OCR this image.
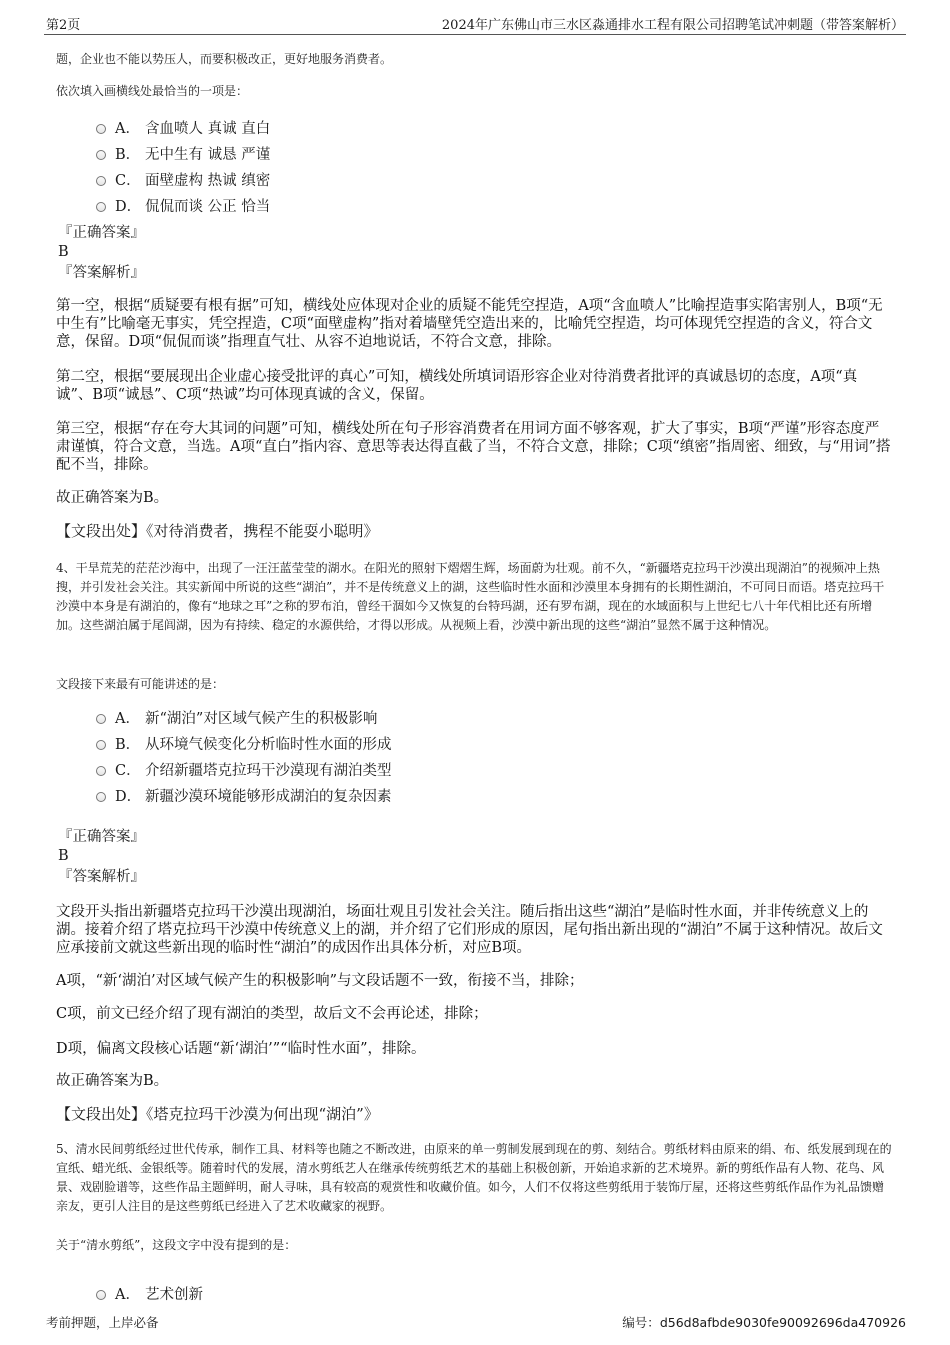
第2页	2024年广东佛山市三水区淼通排水工程有限公司招聘笔试冲刺题（带答案解析）

题，企业也不能以势压人，而要积极改正，更好地服务消费者。

依次填入画横线处最恰当的一项是：

A． 含血喷人 真诚 直白
B． 无中生有 诚恳 严谨
C． 面壁虚构 热诚 缜密
D． 侃侃而谈 公正 恰当

『正确答案』

B

『答案解析』

第一空，根据“质疑要有根有据”可知，横线处应体现对企业的质疑不能凭空捏造，A项“含血喷人”比喻捏造事实陷害别人，B项“无中生有”比喻毫无事实，凭空捏造，C项“面壁虚构”指对着墙壁凭空造出来的，比喻凭空捏造，均可体现凭空捏造的含义，符合文意，保留。D项“侃侃而谈”指理直气壮、从容不迫地说话，不符合文意，排除。

第二空，根据“要展现出企业虚心接受批评的真心”可知，横线处所填词语形容企业对待消费者批评的真诚恳切的态度，A项“真诚”、B项“诚恳”、C项“热诚”均可体现真诚的含义，保留。

第三空，根据“存在夸大其词的问题”可知，横线处所在句子形容消费者在用词方面不够客观，扩大了事实，B项“严谨”形容态度严肃谨慎，符合文意，当选。A项“直白”指内容、意思等表达得直截了当，不符合文意，排除；C项“缜密”指周密、细致，与“用词”搭配不当，排除。

故正确答案为B。

【文段出处】《对待消费者，携程不能耍小聪明》

4、干旱荒芜的茫茫沙海中，出现了一汪汪蓝莹莹的湖水。在阳光的照射下熠熠生辉，场面蔚为壮观。前不久，“新疆塔克拉玛干沙漠出现湖泊”的视频冲上热搜，并引发社会关注。其实新闻中所说的这些“湖泊”，并不是传统意义上的湖，这些临时性水面和沙漠里本身拥有的长期性湖泊，不可同日而语。塔克拉玛干沙漠中本身是有湖泊的，像有“地球之耳”之称的罗布泊，曾经干涸如今又恢复的台特玛湖，还有罗布湖，现在的水域面积与上世纪七八十年代相比还有所增加。这些湖泊属于尾闾湖，因为有持续、稳定的水源供给，才得以形成。从视频上看，沙漠中新出现的这些“湖泊”显然不属于这种情况。

文段接下来最有可能讲述的是：

A． 新“湖泊”对区域气候产生的积极影响
B． 从环境气候变化分析临时性水面的形成
C． 介绍新疆塔克拉玛干沙漠现有湖泊类型
D． 新疆沙漠环境能够形成湖泊的复杂因素

『正确答案』

B

『答案解析』

文段开头指出新疆塔克拉玛干沙漠出现湖泊，场面壮观且引发社会关注。随后指出这些“湖泊”是临时性水面，并非传统意义上的湖。接着介绍了塔克拉玛干沙漠中传统意义上的湖，并介绍了它们形成的原因，尾句指出新出现的“湖泊”不属于这种情况。故后文应承接前文就这些新出现的临时性“湖泊”的成因作出具体分析，对应B项。

A项，“新‘湖泊’对区域气候产生的积极影响”与文段话题不一致，衔接不当，排除；

C项，前文已经介绍了现有湖泊的类型，故后文不会再论述，排除；

D项，偏离文段核心话题“新‘湖泊’”“临时性水面”，排除。

故正确答案为B。

【文段出处】《塔克拉玛干沙漠为何出现“湖泊”》

5、清水民间剪纸经过世代传承，制作工具、材料等也随之不断改进，由原来的单一剪制发展到现在的剪、刻结合。剪纸材料由原来的绢、布、纸发展到现在的宣纸、蜡光纸、金银纸等。随着时代的发展，清水剪纸艺人在继承传统剪纸艺术的基础上积极创新，开始追求新的艺术境界。新的剪纸作品有人物、花鸟、风景、戏剧脸谱等，这些作品主题鲜明，耐人寻味，具有较高的观赏性和收藏价值。如今，人们不仅将这些剪纸用于装饰厅屋，还将这些剪纸作品作为礼品馈赠亲友，更引人注目的是这些剪纸已经进入了艺术收藏家的视野。

关于“清水剪纸”，这段文字中没有提到的是：

A． 艺术创新
考前押题，上岸必备	编号：d56d8afbde9030fe90092696da470926
